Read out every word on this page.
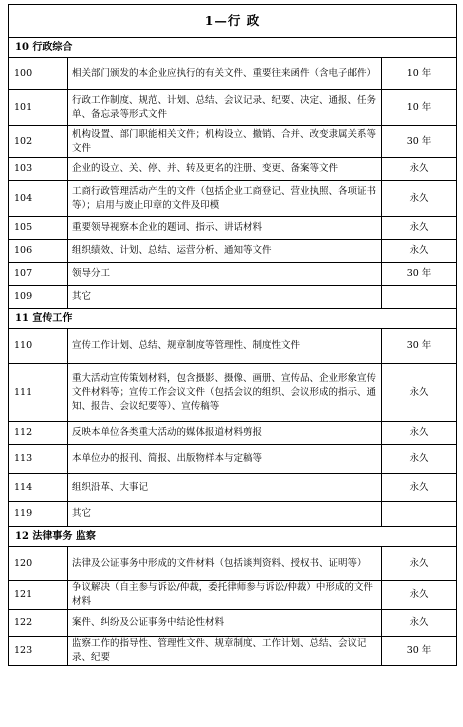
1—行 政		
10 行政综合		
100	相关部门颁发的本企业应执行的有关文件、重要往来函件（含电子邮件）	10 年
101	行政工作制度、规范、计划、总结、会议记录、纪要、决定、通报、任务单、备忘录等形式文件	10 年
102	机构设置、部门职能相关文件；机构设立、撤销、合并、改变隶属关系等文件	30 年
103	企业的设立、关、停、并、转及更名的注册、变更、备案等文件	永久
104	工商行政管理活动产生的文件（包括企业工商登记、营业执照、各项证书等）；启用与废止印章的文件及印模	永久
105	重要领导视察本企业的题词、指示、讲话材料	永久
106	组织绩效、计划、总结、运营分析、通知等文件	永久
107	领导分工	30 年
109	其它	
11 宣传工作		
110	宣传工作计划、总结、规章制度等管理性、制度性文件	30 年
111	重大活动宣传策划材料，包含摄影、摄像、画册、宣传品、企业形象宣传文件材料等；宣传工作会议文件（包括会议的组织、会议形成的指示、通知、报告、会议纪要等）、宣传稿等	永久
112	反映本单位各类重大活动的媒体报道材料剪报	永久
113	本单位办的报刊、简报、出版物样本与定稿等	永久
114	组织沿革、大事记	永久
119	其它	
12 法律事务 监察		
120	法律及公证事务中形成的文件材料（包括谈判资料、授权书、证明等）	永久
121	争议解决（自主参与诉讼/仲裁，委托律师参与诉讼/仲裁）中形成的文件材料	永久
122	案件、纠纷及公证事务中结论性材料	永久
123	监察工作的指导性、管理性文件、规章制度、工作计划、总结、会议记录、纪要	30 年
